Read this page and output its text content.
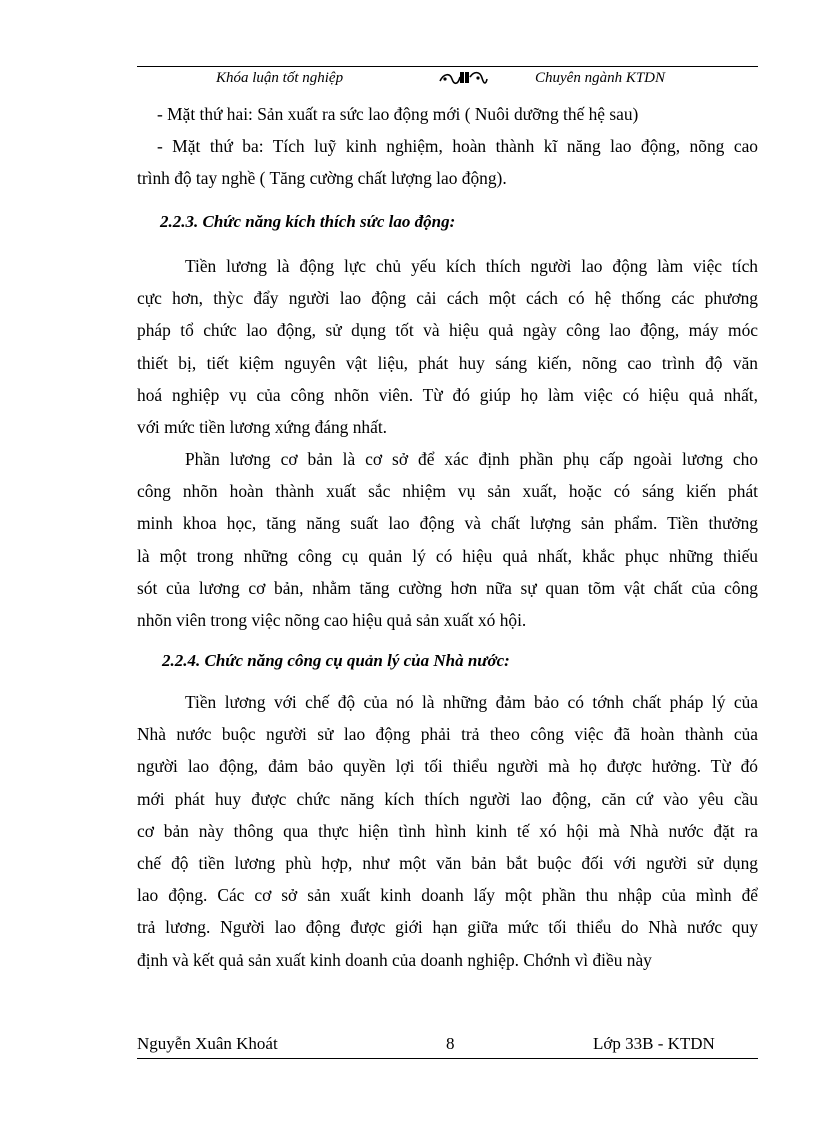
Khóa luận tốt nghiệp	Chuyên ngành KTDN
- Mặt thứ hai: Sản xuất ra sức lao động mới ( Nuôi dưỡng thế hệ sau)
- Mặt thứ ba: Tích luỹ kinh nghiệm, hoàn thành kĩ năng lao động, nõng cao
trình độ tay nghề ( Tăng cường chất lượng lao động).
2.2.3. Chức năng kích thích sức lao động:
Tiền lương là động lực chủ yếu kích thích người lao động làm việc tích
cực hơn, thỳc đẩy người lao động cải cách một cách có hệ thống các phương
pháp tổ chức lao động, sử dụng tốt và hiệu quả ngày công lao động, máy móc
thiết bị, tiết kiệm nguyên vật liệu, phát huy sáng kiến, nõng cao trình độ văn
hoá nghiệp vụ của công nhõn viên. Từ đó giúp họ làm việc có hiệu quả nhất,
với mức tiền lương xứng đáng nhất.
Phần lương cơ bản là cơ sở để xác định phần phụ cấp ngoài lương cho
công nhõn hoàn thành xuất sắc nhiệm vụ sản xuất, hoặc có sáng kiến phát
minh khoa học, tăng năng suất lao động và chất lượng sản phẩm. Tiền thưởng
là một trong những công cụ quản lý có hiệu quả nhất, khắc phục những thiếu
sót của lương cơ bản, nhằm tăng cường hơn nữa sự quan tõm vật chất của công
nhõn viên trong việc nõng cao hiệu quả sản xuất xó hội.
2.2.4. Chức năng công cụ quản lý của Nhà nước:
Tiền lương với chế độ của nó là những đảm bảo có tớnh chất pháp lý của
Nhà nước buộc người sử lao động phải trả theo công việc đã hoàn thành của
người lao động, đảm bảo quyền lợi tối thiểu người mà họ được hưởng. Từ đó
mới phát huy được chức năng kích thích người lao động, căn cứ vào yêu cầu
cơ bản này thông qua thực hiện tình hình kinh tế xó hội mà Nhà nước đặt ra
chế độ tiền lương phù hợp, như một văn bản bắt buộc đối với người sử dụng
lao động. Các cơ sở sản xuất kinh doanh lấy một phần thu nhập của mình để
trả lương. Người lao động được giới hạn giữa mức tối thiểu do Nhà nước quy
định và kết quả sản xuất kinh doanh của doanh nghiệp. Chớnh vì điều này
Nguyễn Xuân Khoát	8	Lớp 33B - KTDN
